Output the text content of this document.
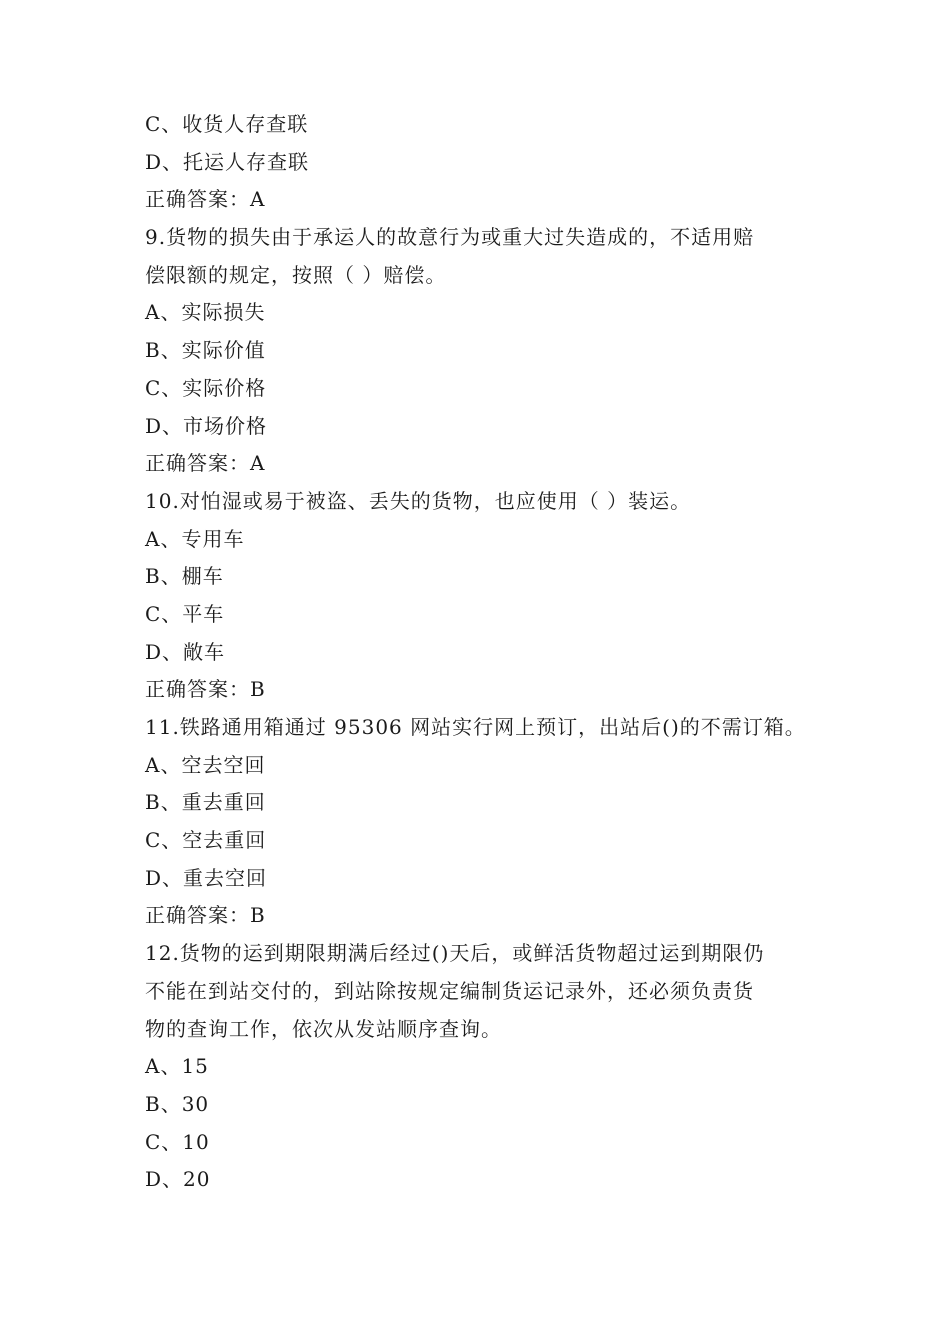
C、收货人存查联
D、托运人存查联
正确答案：A
9.货物的损失由于承运人的故意行为或重大过失造成的，不适用赔
偿限额的规定，按照（ ）赔偿。
A、实际损失
B、实际价值
C、实际价格
D、市场价格
正确答案：A
10.对怕湿或易于被盗、丢失的货物，也应使用（ ）装运。
A、专用车
B、棚车
C、平车
D、敞车
正确答案：B
11.铁路通用箱通过 95306 网站实行网上预订，出站后()的不需订箱。
A、空去空回
B、重去重回
C、空去重回
D、重去空回
正确答案：B
12.货物的运到期限期满后经过()天后，或鲜活货物超过运到期限仍
不能在到站交付的，到站除按规定编制货运记录外，还必须负责货
物的查询工作，依次从发站顺序查询。
A、15
B、30
C、10
D、20
